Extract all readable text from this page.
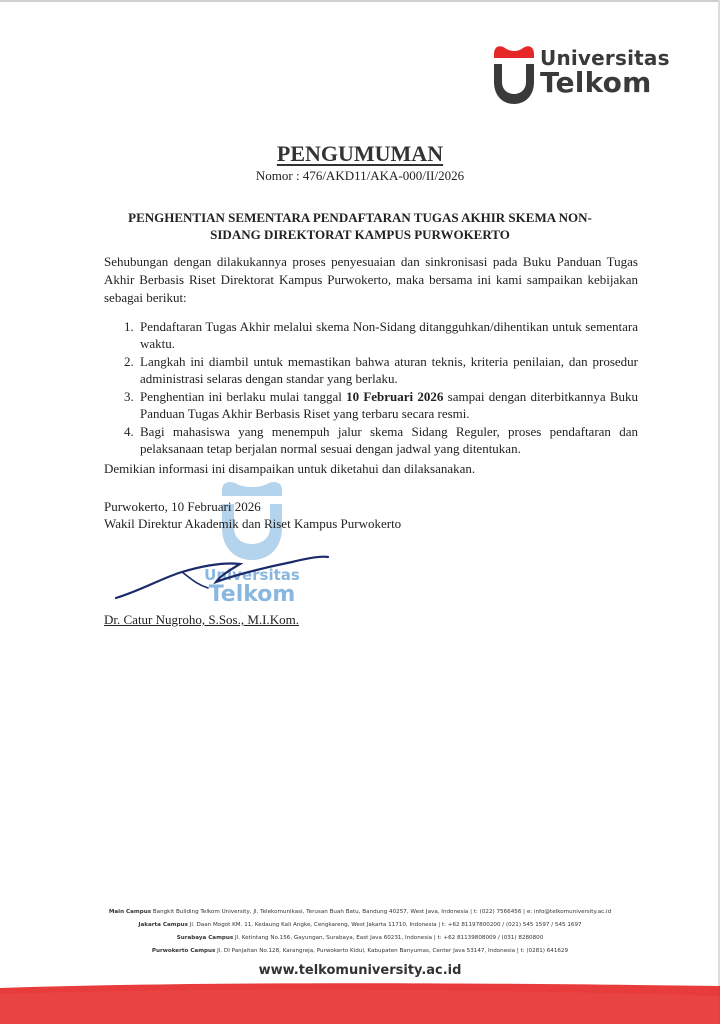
Universitas
Telkom
PENGUMUMAN
Nomor : 476/AKD11/AKA-000/II/2026
PENGHENTIAN SEMENTARA PENDAFTARAN TUGAS AKHIR SKEMA NON-
SIDANG DIREKTORAT KAMPUS PURWOKERTO
Sehubungan dengan dilakukannya proses penyesuaian dan sinkronisasi pada Buku Panduan Tugas Akhir Berbasis Riset Direktorat Kampus Purwokerto, maka bersama ini kami sampaikan kebijakan sebagai berikut:
1. Pendaftaran Tugas Akhir melalui skema Non-Sidang ditangguhkan/dihentikan untuk sementara waktu.
2. Langkah ini diambil untuk memastikan bahwa aturan teknis, kriteria penilaian, dan prosedur administrasi selaras dengan standar yang berlaku.
3. Penghentian ini berlaku mulai tanggal 10 Februari 2026 sampai dengan diterbitkannya Buku Panduan Tugas Akhir Berbasis Riset yang terbaru secara resmi.
4. Bagi mahasiswa yang menempuh jalur skema Sidang Reguler, proses pendaftaran dan pelaksanaan tetap berjalan normal sesuai dengan jadwal yang ditentukan.
Demikian informasi ini disampaikan untuk diketahui dan dilaksanakan.
Universitas
Telkom
Purwokerto, 10 Februari 2026
Wakil Direktur Akademik dan Riset Kampus Purwokerto
Dr. Catur Nugroho, S.Sos., M.I.Kom.
Main Campus Bangkit Building Telkom University, Jl. Telekomunikasi, Terusan Buah Batu, Bandung 40257, West Java, Indonesia | t: (022) 7566456 | e: info@telkomuniversity.ac.id
Jakarta Campus Jl. Daan Mogot KM. 11, Kedaung Kali Angke, Cengkareng, West Jakarta 11710, Indonesia | t: +62 81197800200 / (021) 545 1597 / 545 1697
Surabaya Campus Jl. Ketintang No.156, Gayungan, Surabaya, East Java 60231, Indonesia | t: +62 81139808009 / (031) 8280800
Purwokerto Campus Jl. DI Panjaitan No.128, Karangreja, Purwokerto Kidul, Kabupaten Banyumas, Center Java 53147, Indonesia | t: (0281) 641629
www.telkomuniversity.ac.id
